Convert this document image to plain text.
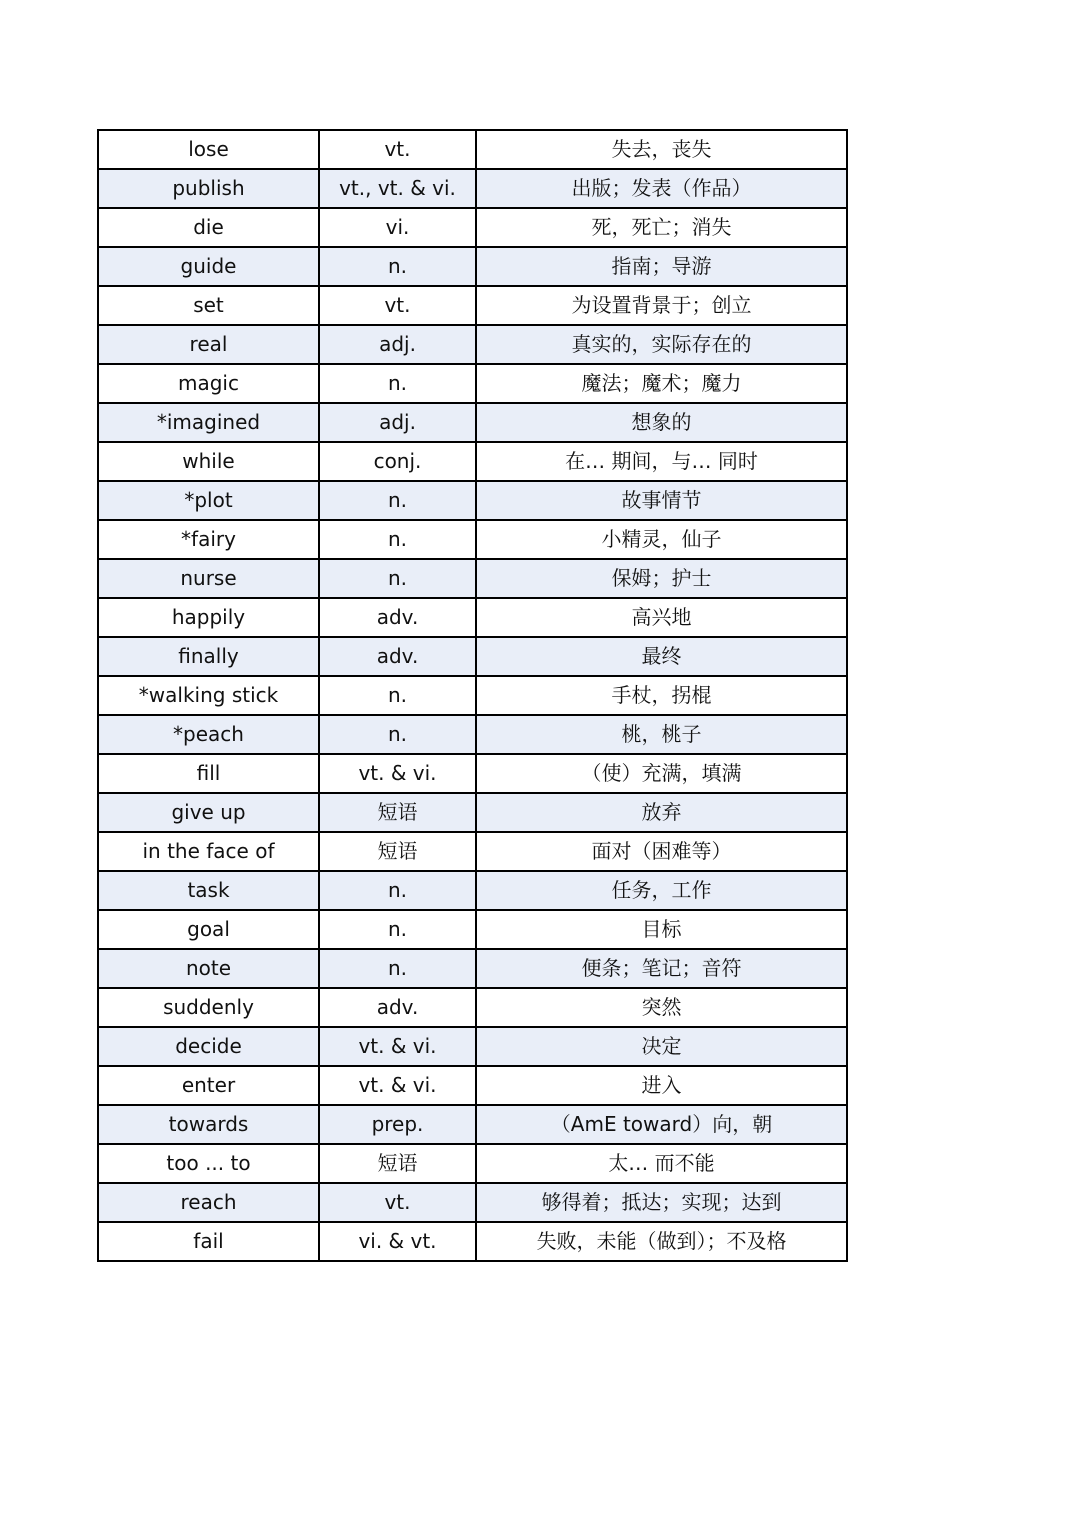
lose	vt.	失去，丧失
publish	vt., vt. & vi.	出版；发表（作品）
die	vi.	死，死亡；消失
guide	n.	指南；导游
set	vt.	为设置背景于；创立
real	adj.	真实的，实际存在的
magic	n.	魔法；魔术；魔力
*imagined	adj.	想象的
while	conj.	在… 期间，与… 同时
*plot	n.	故事情节
*fairy	n.	小精灵，仙子
nurse	n.	保姆；护士
happily	adv.	高兴地
finally	adv.	最终
*walking stick	n.	手杖，拐棍
*peach	n.	桃，桃子
fill	vt. & vi.	（使）充满，填满
give up	短语	放弃
in the face of	短语	面对（困难等）
task	n.	任务，工作
goal	n.	目标
note	n.	便条；笔记；音符
suddenly	adv.	突然
decide	vt. & vi.	决定
enter	vt. & vi.	进入
towards	prep.	（AmE toward）向，朝
too ... to	短语	太… 而不能
reach	vt.	够得着；抵达；实现；达到
fail	vi. & vt.	失败，未能（做到）；不及格
